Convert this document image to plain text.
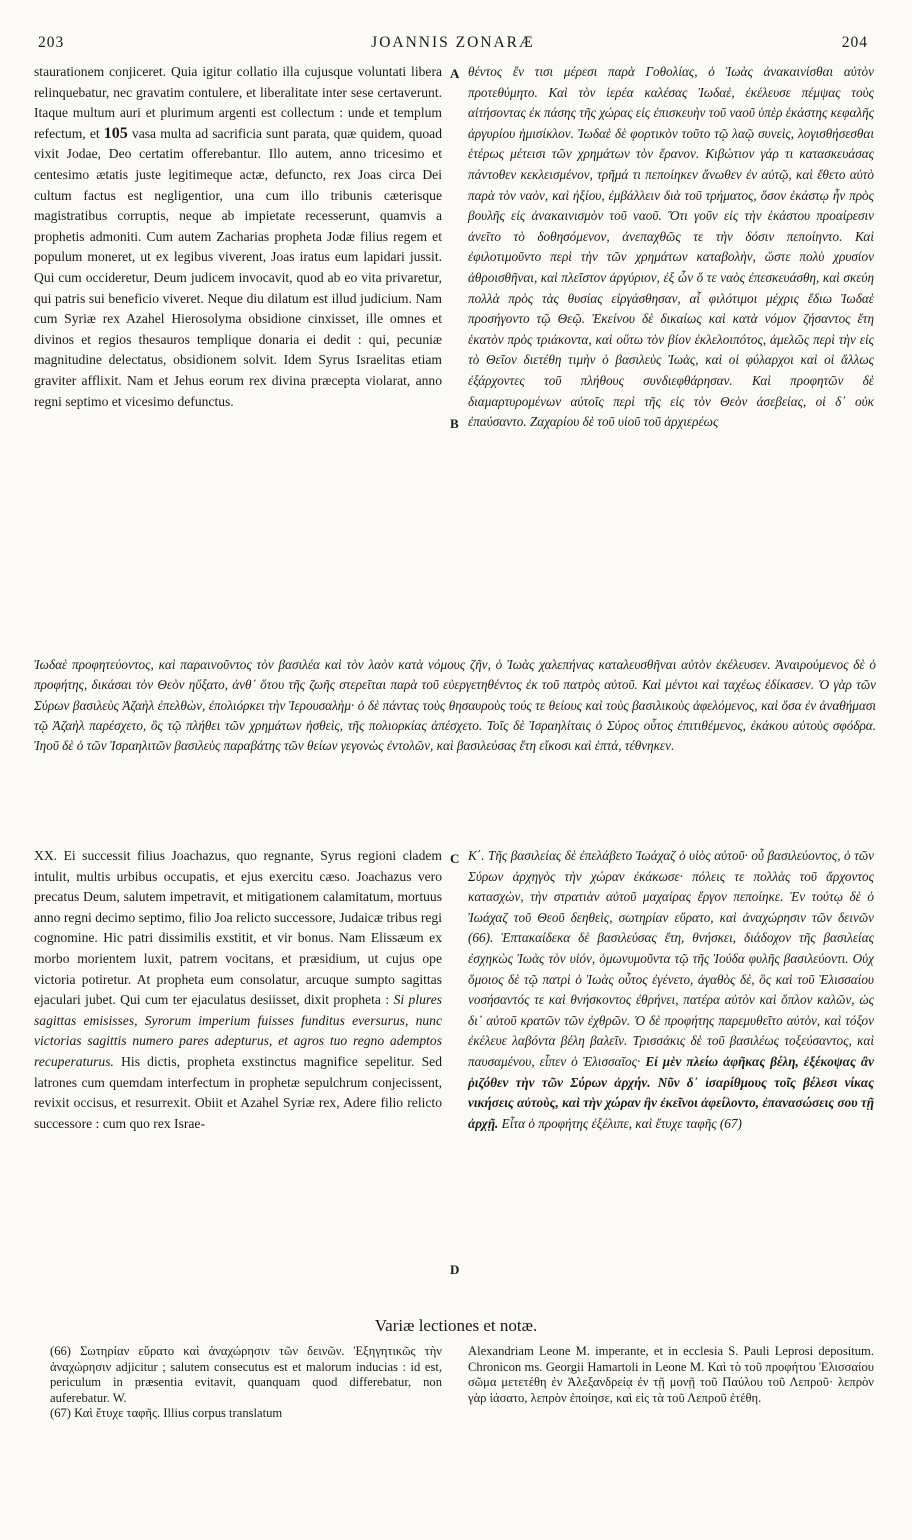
203	JOANNIS ZONARÆ	204
A
B
C
D

staurationem conjiceret. Quia igitur collatio illa cujusque voluntati libera relinquebatur, nec gravatim contulere, et liberalitate inter sese certaverunt. Itaque multum auri et plurimum argenti est collectum : unde et templum refectum, et 105 vasa multa ad sacrificia sunt parata, quæ quidem, quoad vixit Jodae, Deo certatim offerebantur. Illo autem, anno tricesimo et centesimo ætatis juste legitimeque actæ, defuncto, rex Joas circa Dei cultum factus est negligentior, una cum illo tribunis cæterisque magistratibus corruptis, neque ab impietate recesserunt, quamvis a prophetis admoniti. Cum autem Zacharias propheta Jodæ filius regem et populum moneret, ut ex legibus viverent, Joas iratus eum lapidari jussit. Qui cum occideretur, Deum judicem invocavit, quod ab eo vita privaretur, qui patris sui beneficio viveret. Neque diu dilatum est illud judicium. Nam cum Syriæ rex Azahel Hierosolyma obsidione cinxisset, ille omnes et divinos et regios thesauros templique donaria ei dedit : qui, pecuniæ magnitudine delectatus, obsidionem solvit. Idem Syrus Israelitas etiam graviter afflixit. Nam et Jehus eorum rex divina præcepta violarat, anno regni septimo et vicesimo defunctus.

θέντος ἔν τισι μέρεσι παρὰ Γοθολίας, ὁ Ἰωὰς ἀνακαινίσθαι αὐτὸν προτεθύμητο. Καὶ τὸν ἱερέα καλέσας Ἰωδαὲ, ἐκέλευσε πέμψας τοὺς αἰτήσοντας ἐκ πάσης τῆς χώρας εἰς ἐπισκευὴν τοῦ ναοῦ ὑπὲρ ἑκάστης κεφαλῆς ἀργυρίου ἡμισίκλον. Ἰωδαὲ δὲ φορτικὸν τοῦτο τῷ λαῷ συνεὶς, λογισθήσεσθαι ἑτέρως μέτεισι τῶν χρημάτων τὸν ἔρανον. Κιβώτιον γάρ τι κατασκευάσας πάντοθεν κεκλεισμένον, τρῆμά τι πεποίηκεν ἄνωθεν ἐν αὐτῷ, καὶ ἔθετο αὐτὸ παρὰ τὸν ναὸν, καὶ ἠξίου, ἐμβάλλειν διὰ τοῦ τρήματος, ὅσον ἑκάστῳ ἦν πρὸς βουλῆς εἰς ἀνακαινισμὸν τοῦ ναοῦ. Ὅτι γοῦν εἰς τὴν ἑκάστου προαίρεσιν ἀνεῖτο τὸ δοθησόμενον, ἀνεπαχθῶς τε τὴν δόσιν πεποίηντο. Καὶ ἐφιλοτιμοῦντο περὶ τὴν τῶν χρημάτων καταβολὴν, ὥστε πολὺ χρυσίον ἀθροισθῆναι, καὶ πλεῖστον ἀργύριον, ἐξ ὧν ὅ τε ναὸς ἐπεσκευάσθη, καὶ σκεύη πολλὰ πρὸς τὰς θυσίας εἰργάσθησαν, αἷ φιλότιμοι μέχρις ἔδιω Ἰωδαὲ προσήγοντο τῷ Θεῷ. Ἐκείνου δὲ δικαίως καὶ κατὰ νόμον ζήσαντος ἔτη ἑκατὸν πρὸς τριάκοντα, καὶ οὕτω τὸν βίον ἐκλελοιπότος, ἀμελῶς περὶ τὴν εἰς τὸ Θεῖον διετέθη τιμὴν ὁ βασιλεὺς Ἰωὰς, καὶ οἱ φύλαρχοι καὶ οἱ ἄλλως ἐξάρχοντες τοῦ πλήθους συνδιεφθάρησαν. Καὶ προφητῶν δὲ διαμαρτυρομένων αὐτοῖς περὶ τῆς εἰς τὸν Θεὸν ἀσεβείας, οἱ δ᾽ οὐκ ἐπαύσαντο. Ζαχαρίου δὲ τοῦ υἱοῦ τοῦ ἀρχιερέως

Ἰωδαὲ προφητεύοντος, καὶ παραινοῦντος τὸν βασιλέα καὶ τὸν λαὸν κατὰ νόμους ζῆν, ὁ Ἰωὰς χαλεπήνας καταλευσθῆναι αὐτὸν ἐκέλευσεν. Ἀναιρούμενος δὲ ὁ προφήτης, δικάσαι τὸν Θεὸν ηὔξατο, ἀνθ᾽ ὅτου τῆς ζωῆς στερεῖται παρὰ τοῦ εὐεργετηθέντος ἐκ τοῦ πατρὸς αὐτοῦ. Καὶ μέντοι καὶ ταχέως ἐδίκασεν. Ὁ γὰρ τῶν Σύρων βασιλεὺς Ἀζαὴλ ἐπελθὼν, ἐπολιόρκει τὴν Ἱερουσαλὴμ· ὁ δὲ πάντας τοὺς θησαυροὺς τούς τε θείους καὶ τοὺς βασιλικοὺς ἀφελόμενος, καὶ ὅσα ἐν ἀναθήμασι τῷ Ἀζαὴλ παρέσχετο, ὃς τῷ πλήθει τῶν χρημάτων ἡσθεὶς, τῆς πολιορκίας ἀπέσχετο. Τοῖς δὲ Ἰσραηλίταις ὁ Σύρος οὗτος ἐπιτιθέμενος, ἐκάκου αὐτοὺς σφόδρα. Ἰηοῦ δὲ ὁ τῶν Ἰσραηλιτῶν βασιλεὺς παραβάτης τῶν θείων γεγονὼς ἐντολῶν, καὶ βασιλεύσας ἔτη εἴκοσι καὶ ἑπτά, τέθνηκεν.

XX. Ei successit filius Joachazus, quo regnante, Syrus regioni cladem intulit, multis urbibus occupatis, et ejus exercitu cæso. Joachazus vero precatus Deum, salutem impetravit, et mitigationem calamitatum, mortuus anno regni decimo septimo, filio Joa relicto successore, Judaicæ tribus regi cognomine. Hic patri dissimilis exstitit, et vir bonus. Nam Elissæum ex morbo morientem luxit, patrem vocitans, et præsidium, ut cujus ope victoria potiretur. At propheta eum consolatur, arcuque sumpto sagittas ejaculari jubet. Qui cum ter ejaculatus desiisset, dixit propheta : Si plures sagittas emisisses, Syrorum imperium fuisses funditus eversurus, nunc victorias sagittis numero pares adepturus, et agros tuo regno ademptos recuperaturus. His dictis, propheta exstinctus magnifice sepelitur. Sed latrones cum quemdam interfectum in prophetæ sepulchrum conjecissent, revixit occisus, et resurrexit. Obiit et Azahel Syriæ rex, Adere filio relicto successore : cum quo rex Israe-

Κ΄. Τῆς βασιλείας δὲ ἐπελάβετο Ἰωάχαζ ὁ υἱὸς αὐτοῦ· οὗ βασιλεύοντος, ὁ τῶν Σύρων ἀρχηγὸς τὴν χώραν ἐκάκωσε· πόλεις τε πολλὰς τοῦ ἄρχοντος κατασχὼν, τὴν στρατιὰν αὐτοῦ μαχαίρας ἔργον πεποίηκε. Ἐν τούτῳ δὲ ὁ Ἰωάχαζ τοῦ Θεοῦ δεηθεὶς, σωτηρίαν εὕρατο, καὶ ἀναχώρησιν τῶν δεινῶν (66). Ἑπτακαίδεκα δὲ βασιλεύσας ἔτη, θνήσκει, διάδοχον τῆς βασιλείας ἐσχηκὼς Ἰωὰς τὸν υἱόν, ὁμωνυμοῦντα τῷ τῆς Ἰούδα φυλῆς βασιλεύοντι. Οὐχ ὅμοιος δὲ τῷ πατρὶ ὁ Ἰωὰς οὗτος ἐγένετο, ἀγαθὸς δὲ, ὃς καὶ τοῦ Ἐλισσαίου νοσήσαντός τε καὶ θνήσκοντος ἐθρήνει, πατέρα αὐτὸν καὶ ὅπλον καλῶν, ὡς δι᾽ αὐτοῦ κρατῶν τῶν ἐχθρῶν. Ὁ δὲ προφήτης παρεμυθεῖτο αὐτὸν, καὶ τόξον ἐκέλευε λαβόντα βέλη βαλεῖν. Τρισσάκις δὲ τοῦ βασιλέως τοξεύσαντος, καὶ παυσαμένου, εἶπεν ὁ Ἐλισσαῖος· Εἰ μὲν πλείω ἀφῆκας βέλη, ἐξέκοψας ἂν ῥιζόθεν τὴν τῶν Σύρων ἀρχήν. Νῦν δ᾽ ἰσαρίθμους τοῖς βέλεσι νίκας νικήσεις αὐτοὺς, καὶ τὴν χώραν ἣν ἐκεῖνοι ἀφείλοντο, ἐπανασώσεις σου τῇ ἀρχῇ. Εἶτα ὁ προφήτης ἐξέλιπε, καὶ ἔτυχε ταφῆς (67)

Variæ lectiones et notæ.

(66) Σωτηρίαν εὕρατο καὶ ἀναχώρησιν τῶν δεινῶν. Ἐξηγητικῶς τὴν ἀναχώρησιν adjicitur ; salutem consecutus est et malorum inducias : id est, periculum in præsentia evitavit, quanquam quod differebatur, non auferebatur. W.

(67) Καὶ ἔτυχε ταφῆς. Illius corpus translatum

Alexandriam Leone M. imperante, et in ecclesia S. Pauli Leprosi depositum. Chronicon ms. Georgii Hamartoli in Leone M. Καὶ τὸ τοῦ προφήτου Ἐλισσαίου σῶμα μετετέθη ἐν Ἀλεξανδρείᾳ ἐν τῇ μονῇ τοῦ Παύλου τοῦ Λεπροῦ· λεπρὸν γὰρ ἰάσατο, λεπρὸν ἐποίησε, καὶ εἰς τὰ τοῦ Λεπροῦ ἐτέθη.
